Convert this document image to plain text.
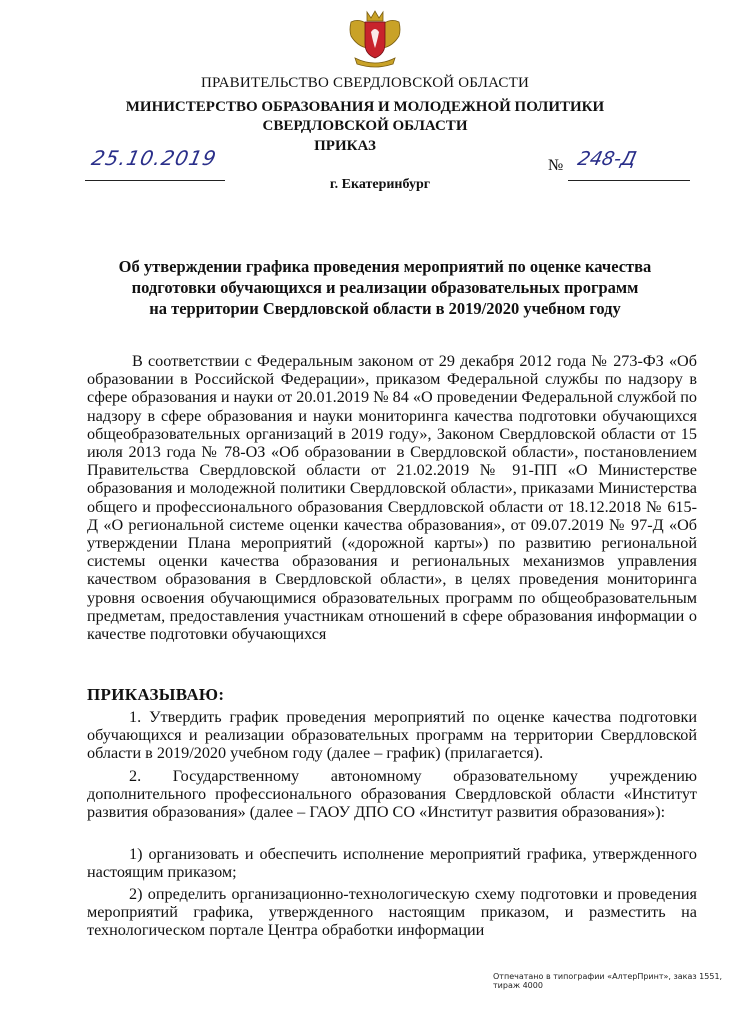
ПРАВИТЕЛЬСТВО СВЕРДЛОВСКОЙ ОБЛАСТИ
МИНИСТЕРСТВО ОБРАЗОВАНИЯ И МОЛОДЕЖНОЙ ПОЛИТИКИ
СВЕРДЛОВСКОЙ ОБЛАСТИ
ПРИКАЗ
25.10.2019	№ 248-Д
г. Екатеринбург
Об утверждении графика проведения мероприятий по оценке качества
подготовки обучающихся и реализации образовательных программ
на территории Свердловской области в 2019/2020 учебном году
В соответствии с Федеральным законом от 29 декабря 2012 года № 273-ФЗ «Об образовании в Российской Федерации», приказом Федеральной службы по надзору в сфере образования и науки от 20.01.2019 № 84 «О проведении Федеральной службой по надзору в сфере образования и науки мониторинга качества подготовки обучающихся общеобразовательных организаций в 2019 году», Законом Свердловской области от 15 июля 2013 года № 78-ОЗ «Об образовании в Свердловской области», постановлением Правительства Свердловской области от 21.02.2019 № 91-ПП «О Министерстве образования и молодежной политики Свердловской области», приказами Министерства общего и профессионального образования Свердловской области от 18.12.2018 № 615-Д «О региональной системе оценки качества образования», от 09.07.2019 № 97-Д «Об утверждении Плана мероприятий («дорожной карты») по развитию региональной системы оценки качества образования и региональных механизмов управления качеством образования в Свердловской области», в целях проведения мониторинга уровня освоения обучающимися образовательных программ по общеобразовательным предметам, предоставления участникам отношений в сфере образования информации о качестве подготовки обучающихся
ПРИКАЗЫВАЮ:
1. Утвердить график проведения мероприятий по оценке качества подготовки обучающихся и реализации образовательных программ на территории Свердловской области в 2019/2020 учебном году (далее – график) (прилагается).
2. Государственному автономному образовательному учреждению дополнительного профессионального образования Свердловской области «Институт развития образования» (далее – ГАОУ ДПО СО «Институт развития образования»):
1) организовать и обеспечить исполнение мероприятий графика, утвержденного настоящим приказом;
2) определить организационно-технологическую схему подготовки и проведения мероприятий графика, утвержденного настоящим приказом, и разместить на технологическом портале Центра обработки информации
Отпечатано в типографии «АлтерПринт», заказ 1551, тираж 4000
